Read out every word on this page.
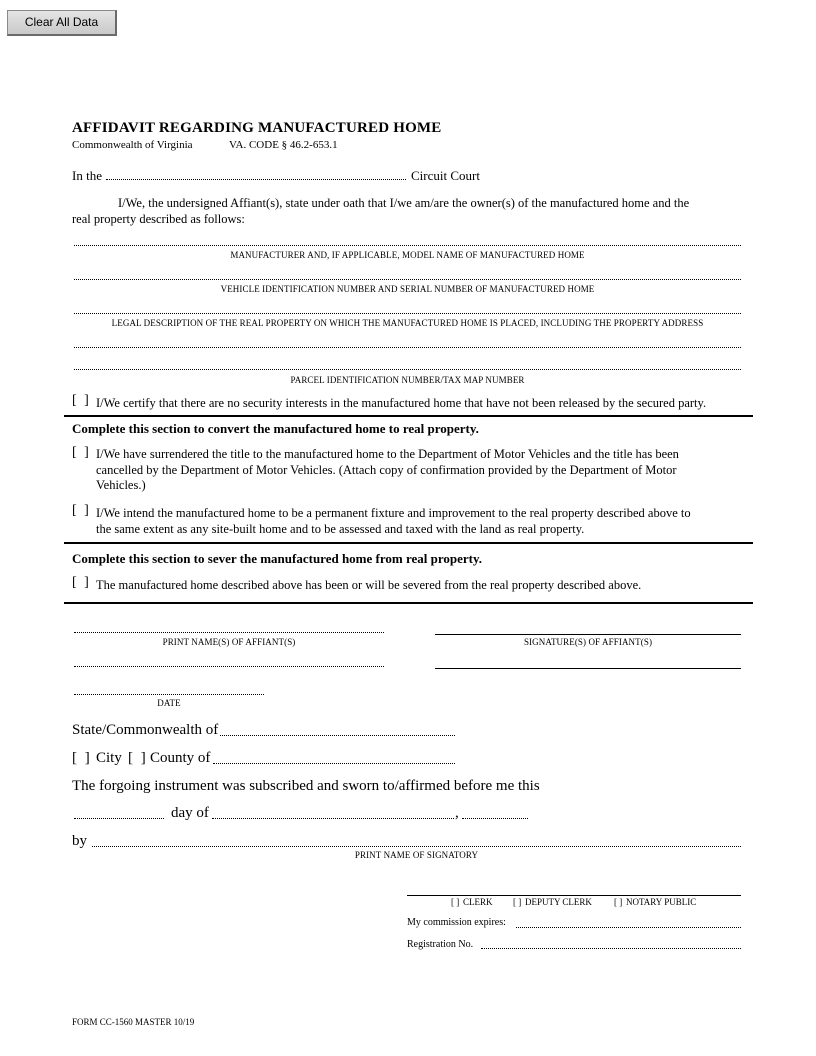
Clear All Data
AFFIDAVIT REGARDING MANUFACTURED HOME
Commonwealth of Virginia	VA. CODE § 46.2-653.1
In the	Circuit Court
I/We, the undersigned Affiant(s), state under oath that I/we am/are the owner(s) of the manufactured home and the
real property described as follows:
MANUFACTURER AND, IF APPLICABLE, MODEL NAME OF MANUFACTURED HOME
VEHICLE IDENTIFICATION NUMBER AND SERIAL NUMBER OF MANUFACTURED HOME
LEGAL DESCRIPTION OF THE REAL PROPERTY ON WHICH THE MANUFACTURED HOME IS PLACED, INCLUDING THE PROPERTY ADDRESS
PARCEL IDENTIFICATION NUMBER/TAX MAP NUMBER
[ ] I/We certify that there are no security interests in the manufactured home that have not been released by the secured party.
Complete this section to convert the manufactured home to real property.
[ ] I/We have surrendered the title to the manufactured home to the Department of Motor Vehicles and the title has been
cancelled by the Department of Motor Vehicles. (Attach copy of confirmation provided by the Department of Motor
Vehicles.)
[ ] I/We intend the manufactured home to be a permanent fixture and improvement to the real property described above to
the same extent as any site-built home and to be assessed and taxed with the land as real property.
Complete this section to sever the manufactured home from real property.
[ ] The manufactured home described above has been or will be severed from the real property described above.
PRINT NAME(S) OF AFFIANT(S)	SIGNATURE(S) OF AFFIANT(S)
DATE
State/Commonwealth of
[ ] City [ ] County of
The forgoing instrument was subscribed and sworn to/affirmed before me this
day of	,
by
PRINT NAME OF SIGNATORY
[ ] CLERK [ ] DEPUTY CLERK [ ] NOTARY PUBLIC
My commission expires:
Registration No.
FORM CC-1560 MASTER 10/19
